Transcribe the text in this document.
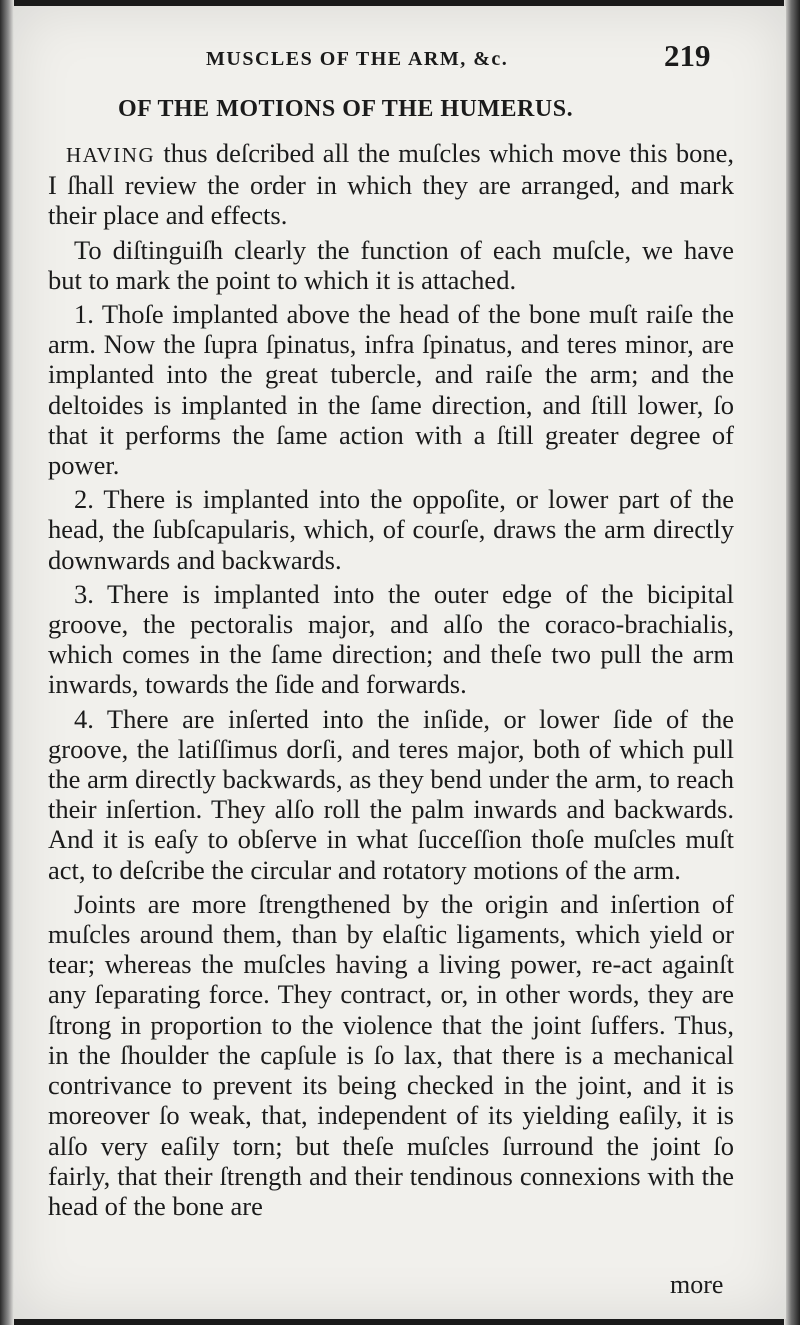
MUSCLES OF THE ARM, &c.	219
OF THE MOTIONS OF THE HUMERUS.

HAVING thus deſcribed all the muſcles which move this bone, I ſhall review the order in which they are arranged, and mark their place and effects.

To diſtinguiſh clearly the function of each muſcle, we have but to mark the point to which it is attached.

1. Thoſe implanted above the head of the bone muſt raiſe the arm. Now the ſupra ſpinatus, infra ſpinatus, and teres minor, are implanted into the great tubercle, and raiſe the arm; and the deltoides is implanted in the ſame direction, and ſtill lower, ſo that it performs the ſame action with a ſtill greater degree of power.

2. There is implanted into the oppoſite, or lower part of the head, the ſubſcapularis, which, of courſe, draws the arm directly downwards and backwards.

3. There is implanted into the outer edge of the bicipital groove, the pectoralis major, and alſo the coraco-brachialis, which comes in the ſame direction; and theſe two pull the arm inwards, towards the ſide and forwards.

4. There are inſerted into the inſide, or lower ſide of the groove, the latiſſimus dorſi, and teres major, both of which pull the arm directly backwards, as they bend under the arm, to reach their inſertion. They alſo roll the palm inwards and backwards. And it is eaſy to obſerve in what ſucceſſion thoſe muſcles muſt act, to deſcribe the circular and rotatory motions of the arm.

Joints are more ſtrengthened by the origin and inſertion of muſcles around them, than by elaſtic ligaments, which yield or tear; whereas the muſcles having a living power, re-act againſt any ſeparating force. They contract, or, in other words, they are ſtrong in proportion to the violence that the joint ſuffers. Thus, in the ſhoulder the capſule is ſo lax, that there is a mechanical contrivance to prevent its being checked in the joint, and it is moreover ſo weak, that, independent of its yielding eaſily, it is alſo very eaſily torn; but theſe muſcles ſurround the joint ſo fairly, that their ſtrength and their tendinous connexions with the head of the bone are

more
